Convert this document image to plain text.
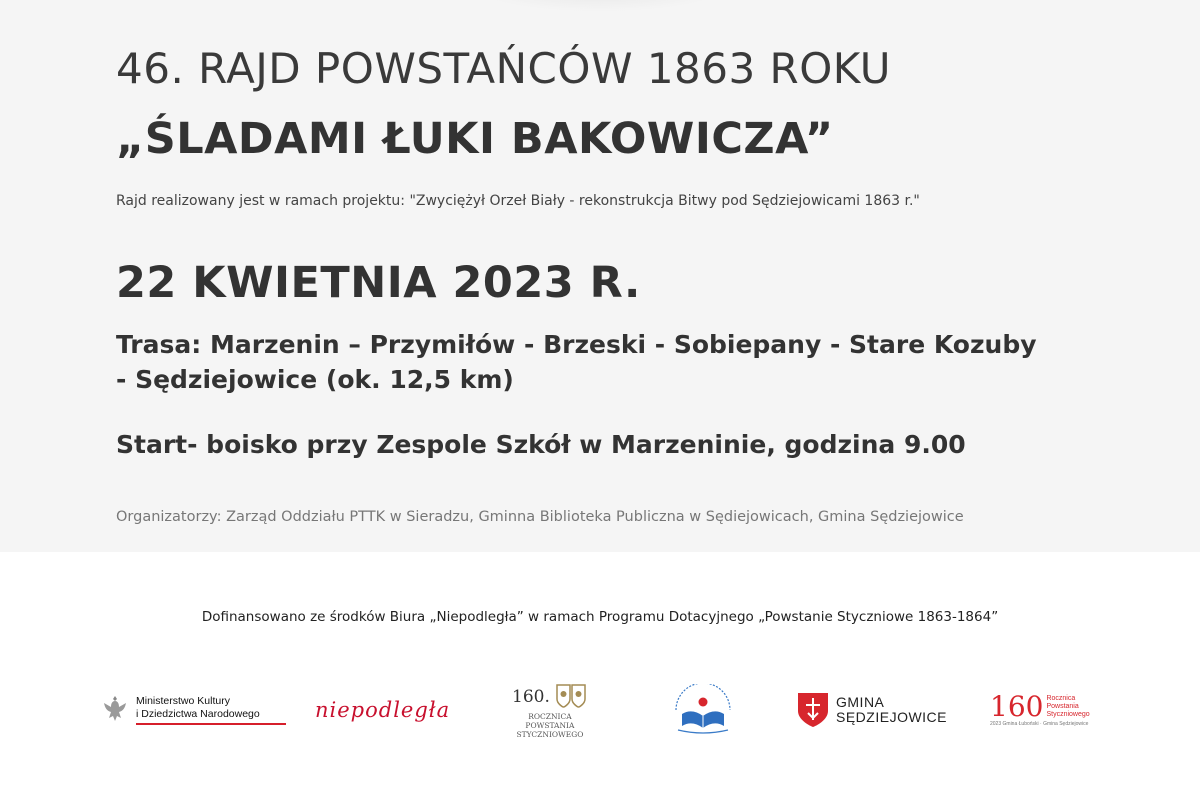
46. RAJD POWSTAŃCÓW 1863 ROKU
„ŚLADAMI ŁUKI BAKOWICZA”
Rajd realizowany jest w ramach projektu: "Zwyciężył Orzeł Biały - rekonstrukcja Bitwy pod Sędziejowicami 1863 r."
22 KWIETNIA 2023 R.
Trasa: Marzenin – Przymiłów - Brzeski - Sobiepany - Stare Kozuby
- Sędziejowice (ok. 12,5 km)
Start- boisko przy Zespole Szkół w Marzeninie, godzina 9.00
Organizatorzy: Zarząd Oddziału PTTK w Sieradzu, Gminna Biblioteka Publiczna w Sędiejowicach, Gmina Sędziejowice
Dofinansowano ze środków Biura „Niepodległa” w ramach Programu Dotacyjnego „Powstanie Styczniowe 1863-1864”
Ministerstwo Kultury
i Dziedzictwa Narodowego	niepodległa
160.
ROCZNICA
POWSTANIA
STYCZNIOWEGO
GMINA
SĘDZIEJOWICE 160 Rocznica
Powstania
Styczniowego
2023 Gmina Łuboński · Gmina Sędziejowice
